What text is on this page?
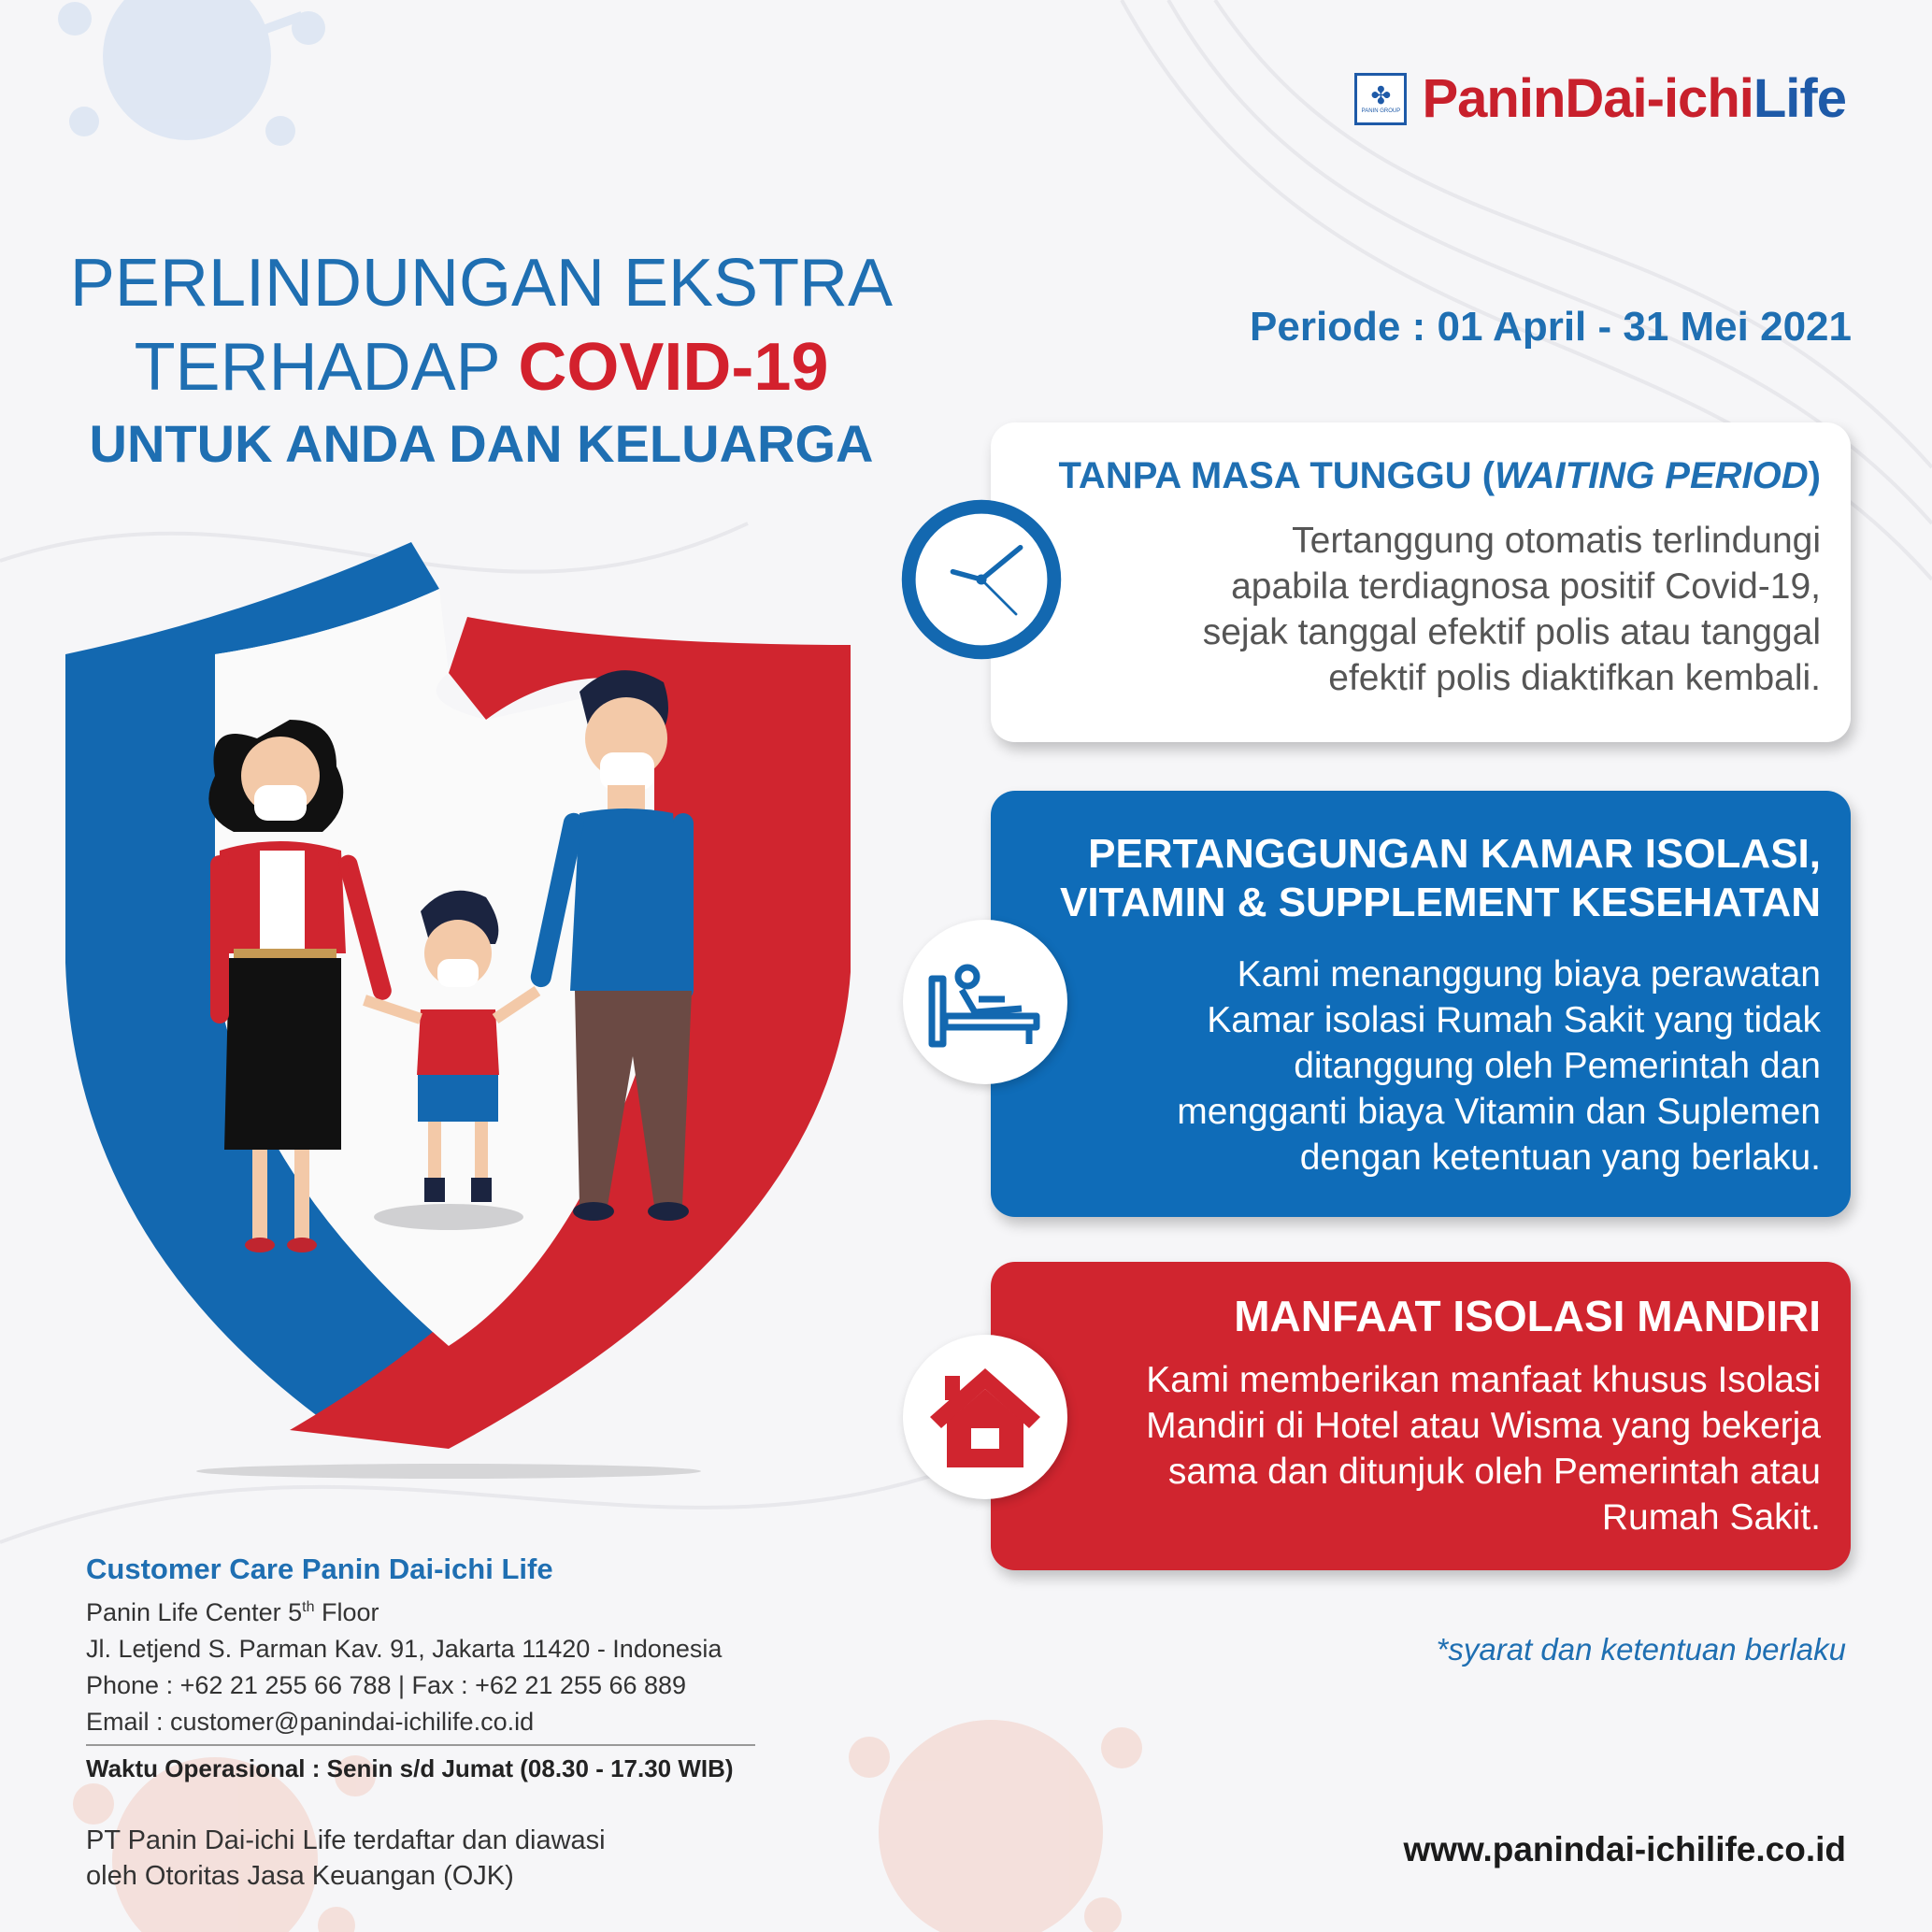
✤
PANIN GROUP PaninDai-ichiLife
PERLINDUNGAN EKSTRA
TERHADAP COVID-19
UNTUK ANDA DAN KELUARGA
Periode : 01 April - 31 Mei 2021
TANPA MASA TUNGGU (WAITING PERIOD)
Tertanggung otomatis terlindungi
apabila terdiagnosa positif Covid-19,
sejak tanggal efektif polis atau tanggal
efektif polis diaktifkan kembali.
PERTANGGUNGAN KAMAR ISOLASI,
VITAMIN & SUPPLEMENT KESEHATAN
Kami menanggung biaya perawatan
Kamar isolasi Rumah Sakit yang tidak
ditanggung oleh Pemerintah dan
mengganti biaya Vitamin dan Suplemen
dengan ketentuan yang berlaku.
MANFAAT ISOLASI MANDIRI
Kami memberikan manfaat khusus Isolasi
Mandiri di Hotel atau Wisma yang bekerja
sama dan ditunjuk oleh Pemerintah atau
Rumah Sakit.
Customer Care Panin Dai-ichi Life
Panin Life Center 5th Floor
Jl. Letjend S. Parman Kav. 91, Jakarta 11420 - Indonesia
Phone : +62 21 255 66 788 | Fax : +62 21 255 66 889
Email : customer@panindai-ichilife.co.id
Waktu Operasional : Senin s/d Jumat (08.30 - 17.30 WIB)
PT Panin Dai-ichi Life terdaftar dan diawasi
oleh Otoritas Jasa Keuangan (OJK)
*syarat dan ketentuan berlaku
www.panindai-ichilife.co.id
